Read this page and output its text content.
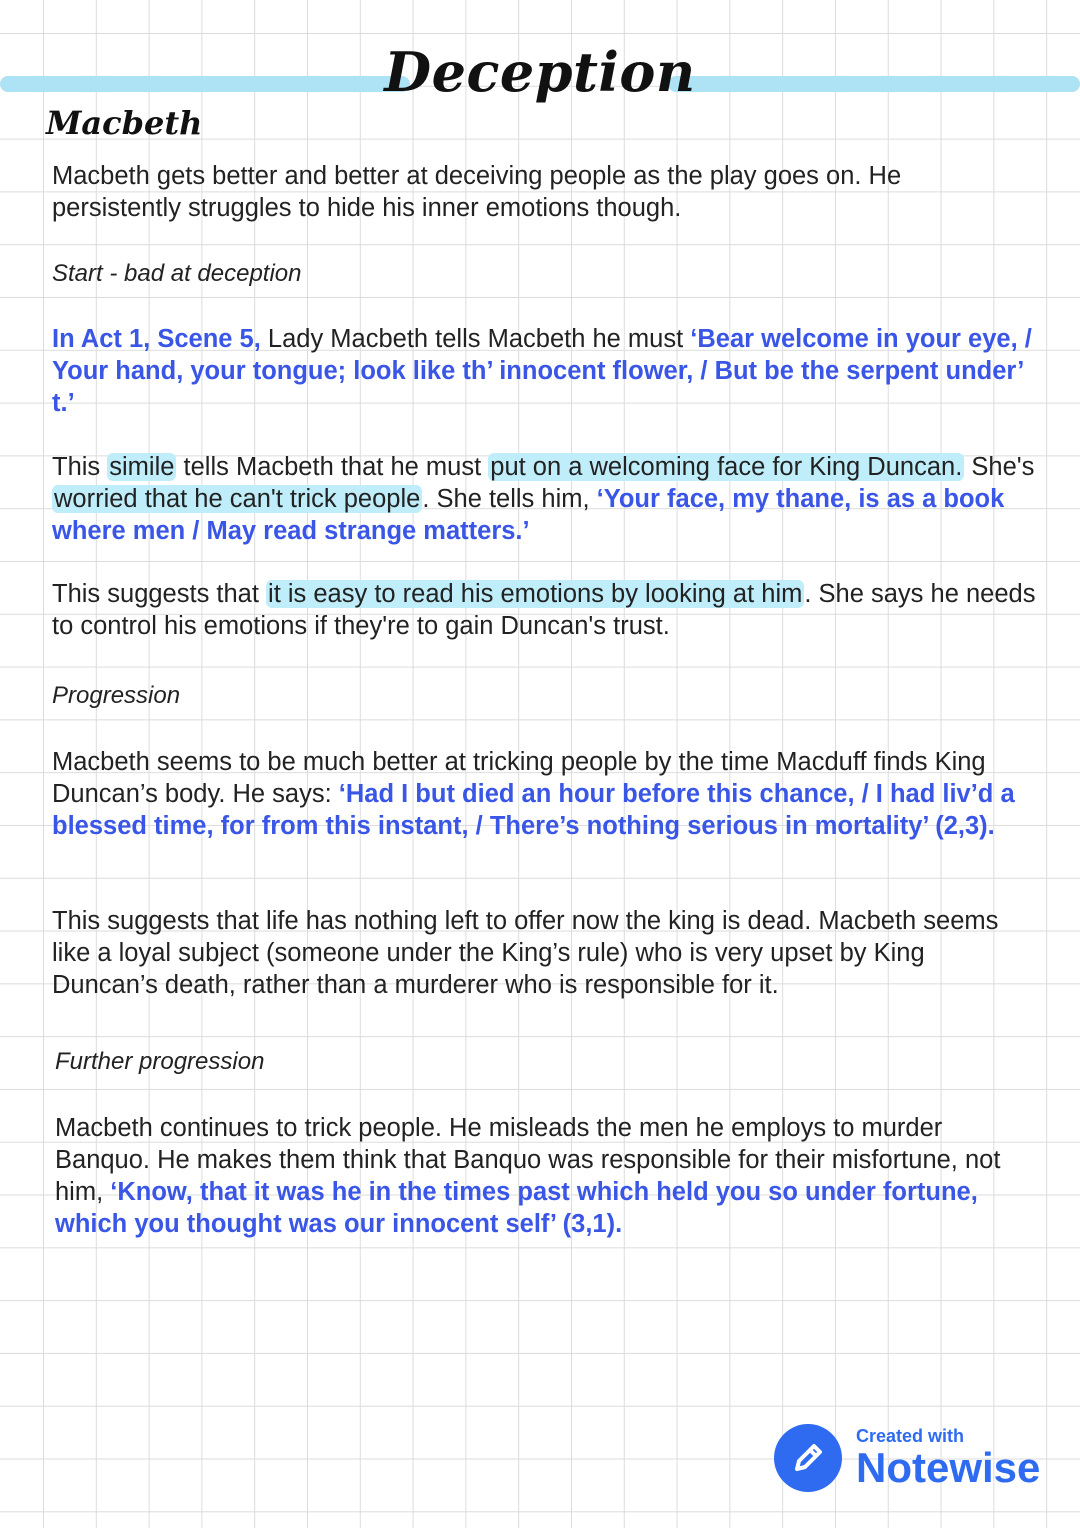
Deception
Macbeth
Macbeth gets better and better at deceiving people as the play goes on. He persistently struggles to hide his inner emotions though.
Start - bad at deception
In Act 1, Scene 5, Lady Macbeth tells Macbeth he must ‘Bear welcome in your eye, / Your hand, your tongue; look like th’ innocent flower, / But be the serpent under’ t.’
This simile tells Macbeth that he must put on a welcoming face for King Duncan. She's worried that he can't trick people. She tells him, ‘Your face, my thane, is as a book where men / May read strange matters.’
This suggests that it is easy to read his emotions by looking at him. She says he needs to control his emotions if they're to gain Duncan's trust.
Progression
Macbeth seems to be much better at tricking people by the time Macduff finds King Duncan’s body. He says: ‘Had I but died an hour before this chance, / I had liv’d a blessed time, for from this instant, / There’s nothing serious in mortality’ (2,3).
This suggests that life has nothing left to offer now the king is dead. Macbeth seems like a loyal subject (someone under the King’s rule) who is very upset by King Duncan’s death, rather than a murderer who is responsible for it.
Further progression
Macbeth continues to trick people. He misleads the men he employs to murder Banquo. He makes them think that Banquo was responsible for their misfortune, not him, ‘Know, that it was he in the times past which held you so under fortune, which you thought was our innocent self’ (3,1).
Created with
Notewise
